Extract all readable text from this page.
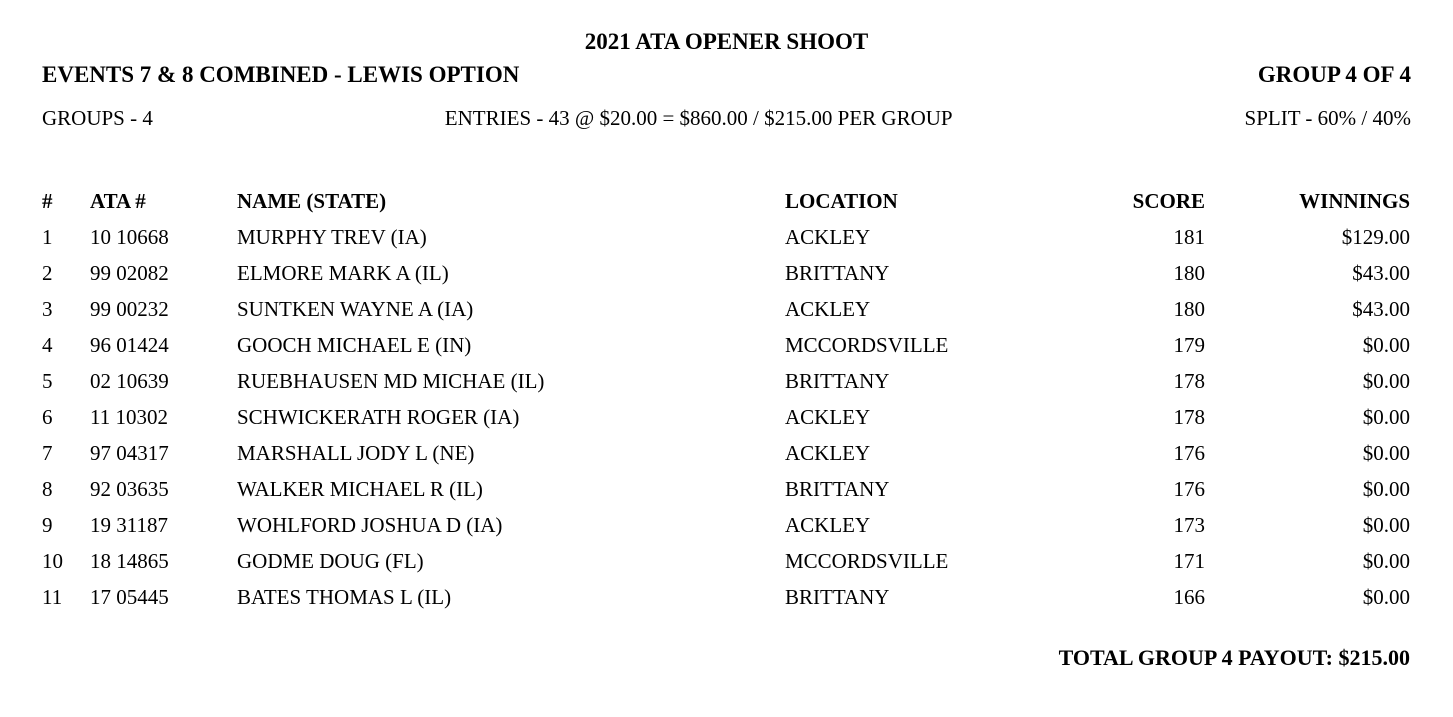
2021 ATA OPENER SHOOT
EVENTS 7 & 8 COMBINED - LEWIS OPTION	GROUP 4 OF 4
GROUPS - 4	ENTRIES - 43 @ $20.00 = $860.00 / $215.00 PER GROUP	SPLIT - 60% / 40%
#	ATA #	NAME (STATE)	LOCATION	SCORE	WINNINGS
1	10 10668	MURPHY TREV (IA)	ACKLEY	181	$129.00
2	99 02082	ELMORE MARK A (IL)	BRITTANY	180	$43.00
3	99 00232	SUNTKEN WAYNE A (IA)	ACKLEY	180	$43.00
4	96 01424	GOOCH MICHAEL E (IN)	MCCORDSVILLE	179	$0.00
5	02 10639	RUEBHAUSEN MD MICHAE (IL)	BRITTANY	178	$0.00
6	11 10302	SCHWICKERATH ROGER (IA)	ACKLEY	178	$0.00
7	97 04317	MARSHALL JODY L (NE)	ACKLEY	176	$0.00
8	92 03635	WALKER MICHAEL R (IL)	BRITTANY	176	$0.00
9	19 31187	WOHLFORD JOSHUA D (IA)	ACKLEY	173	$0.00
10	18 14865	GODME DOUG (FL)	MCCORDSVILLE	171	$0.00
11	17 05445	BATES THOMAS L (IL)	BRITTANY	166	$0.00
TOTAL GROUP 4 PAYOUT: $215.00
